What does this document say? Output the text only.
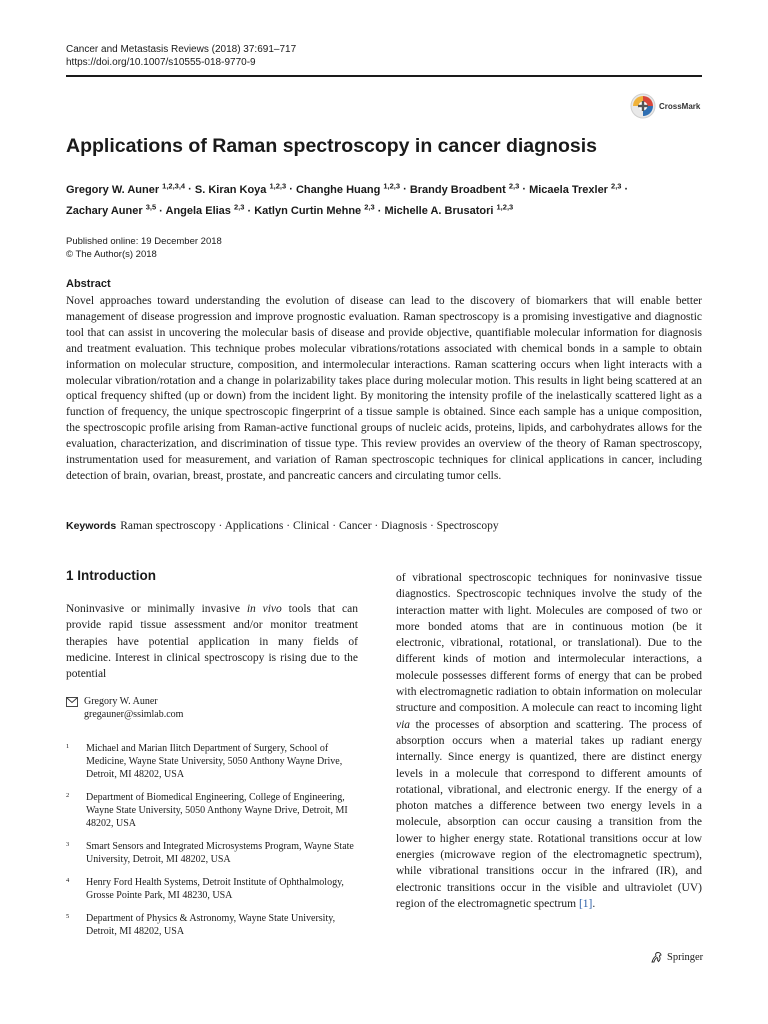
Cancer and Metastasis Reviews (2018) 37:691–717
https://doi.org/10.1007/s10555-018-9770-9
CrossMark
Applications of Raman spectroscopy in cancer diagnosis
Gregory W. Auner $^{1,2,3,4}$ · S. Kiran Koya $^{1,2,3}$ · Changhe Huang $^{1,2,3}$ · Brandy Broadbent $^{2,3}$ · Micaela Trexler $^{2,3}$ ·
Zachary Auner $^{3,5}$ · Angela Elias $^{2,3}$ · Katlyn Curtin Mehne $^{2,3}$ · Michelle A. Brusatori $^{1,2,3}$
Published online: 19 December 2018
© The Author(s) 2018
Abstract

Novel approaches toward understanding the evolution of disease can lead to the discovery of biomarkers that will enable better management of disease progression and improve prognostic evaluation. Raman spectroscopy is a promising investigative and diagnostic tool that can assist in uncovering the molecular basis of disease and provide objective, quantifiable molecular information for diagnosis and treatment evaluation. This technique probes molecular vibrations/rotations associated with chemical bonds in a sample to obtain information on molecular structure, composition, and intermolecular interactions. Raman scattering occurs when light interacts with a molecular vibration/rotation and a change in polarizability takes place during molecular motion. This results in light being scattered at an optical frequency shifted (up or down) from the incident light. By monitoring the intensity profile of the inelastically scattered light as a function of frequency, the unique spectroscopic fingerprint of a tissue sample is obtained. Since each sample has a unique composition, the spectroscopic profile arising from Raman-active functional groups of nucleic acids, proteins, lipids, and carbohydrates allows for the evaluation, characterization, and discrimination of tissue type. This review provides an overview of the theory of Raman spectroscopy, instrumentation used for measurement, and variation of Raman spectroscopic techniques for clinical applications in cancer, including detection of brain, ovarian, breast, prostate, and pancreatic cancers and circulating tumor cells.

Keywords Raman spectroscopy · Applications · Clinical · Cancer · Diagnosis · Spectroscopy
1 Introduction

Noninvasive or minimally invasive in vivo tools that can provide rapid tissue assessment and/or monitor treatment therapies have potential application in many fields of medicine. Interest in clinical spectroscopy is rising due to the potential

Gregory W. Auner
gregauner@ssimlab.com
1	Michael and Marian Ilitch Department of Surgery, School of Medicine, Wayne State University, 5050 Anthony Wayne Drive, Detroit, MI 48202, USA
2	Department of Biomedical Engineering, College of Engineering, Wayne State University, 5050 Anthony Wayne Drive, Detroit, MI 48202, USA
3	Smart Sensors and Integrated Microsystems Program, Wayne State University, Detroit, MI 48202, USA
4	Henry Ford Health Systems, Detroit Institute of Ophthalmology, Grosse Pointe Park, MI 48230, USA
5	Department of Physics & Astronomy, Wayne State University, Detroit, MI 48202, USA

of vibrational spectroscopic techniques for noninvasive tissue diagnostics. Spectroscopic techniques involve the study of the interaction matter with light. Molecules are composed of two or more bonded atoms that are in continuous motion (be it electronic, vibrational, rotational, or translational). Due to the different kinds of motion and intermolecular interactions, a molecule possesses different forms of energy that can be probed with electromagnetic radiation to obtain information on molecular structure and composition. A molecule can react to incoming light via the processes of absorption and scattering. The process of absorption occurs when a material takes up radiant energy internally. Since energy is quantized, there are distinct energy levels in a molecule that correspond to different amounts of rotational, vibrational, and electronic energy. If the energy of a photon matches a difference between two energy levels in a molecule, absorption can occur causing a transition from the lower to higher energy state. Rotational transitions occur at low energies (microwave region of the electromagnetic spectrum), while vibrational transitions occur in the infrared (IR), and electronic transitions occur in the visible and ultraviolet (UV) region of the electromagnetic spectrum [1].

Springer
